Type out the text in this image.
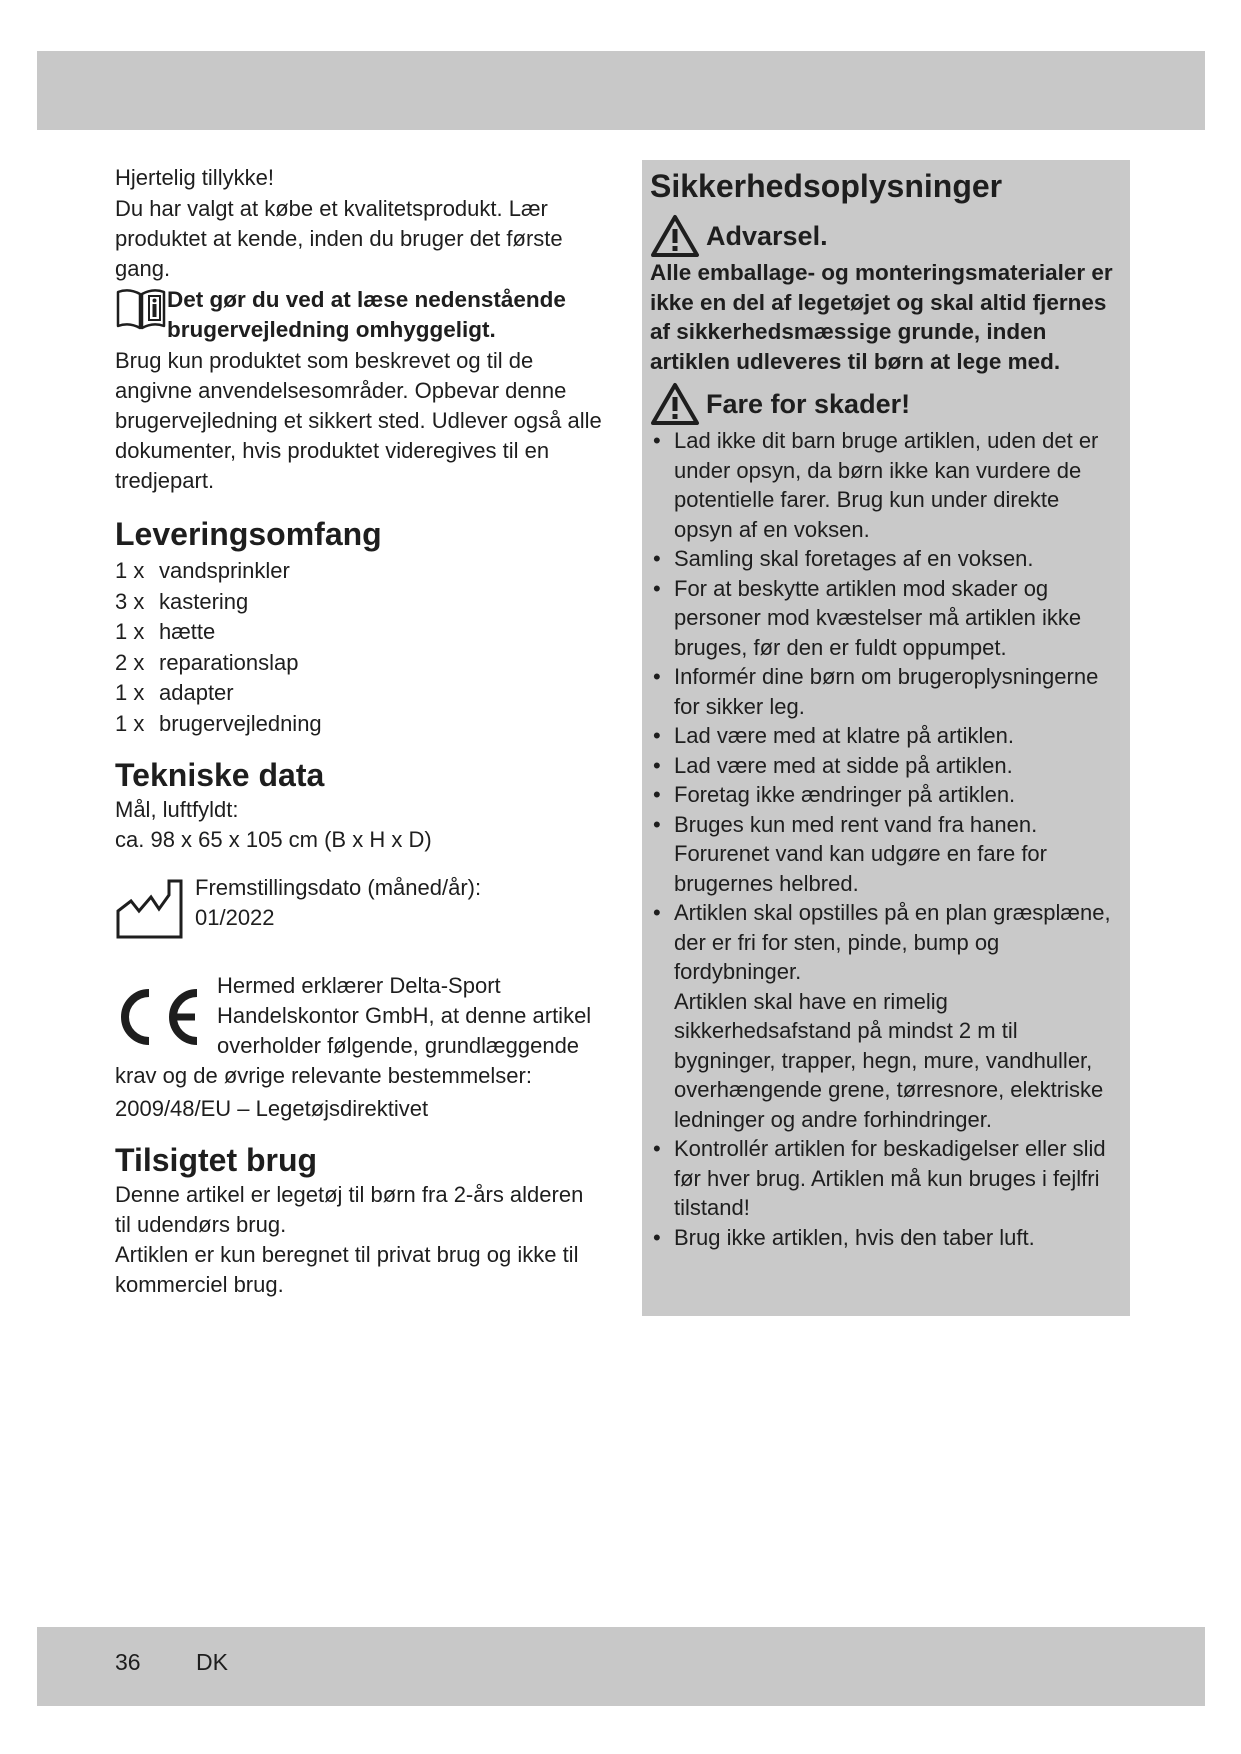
Hjertelig tillykke!

Du har valgt at købe et kvalitetsprodukt. Lær produktet at kende, inden du bruger det første gang.

Det gør du ved at læse nedenstående brugervejledning omhyggeligt.

Brug kun produktet som beskrevet og til de angivne anvendelsesområder. Opbevar denne brugervejledning et sikkert sted. Udlever også alle dokumenter, hvis produktet videregives til en tredjepart.

Leveringsomfang
1 x vandsprinkler
3 x kastering
1 x hætte
2 x reparationslap
1 x adapter
1 x brugervejledning
Tekniske data

Mål, luftfyldt:

ca. 98 x 65 x 105 cm (B x H x D)

Fremstillingsdato (måned/år):

01/2022

Hermed erklærer Delta-Sport Handelskontor GmbH, at denne artikel overholder følgende, grundlæggende krav og de øvrige relevante bestemmelser:

2009/48/EU – Legetøjsdirektivet

Tilsigtet brug

Denne artikel er legetøj til børn fra 2-års alderen til udendørs brug.

Artiklen er kun beregnet til privat brug og ikke til kommerciel brug.

Sikkerhedsoplysninger
Advarsel.

Alle emballage- og monteringsmaterialer er ikke en del af legetøjet og skal altid fjernes af sikkerhedsmæssige grunde, inden artiklen udleveres til børn at lege med.

Fare for skader!
• Lad ikke dit barn bruge artiklen, uden det er under opsyn, da børn ikke kan vurdere de potentielle farer. Brug kun under direkte opsyn af en voksen.
• Samling skal foretages af en voksen.
• For at beskytte artiklen mod skader og personer mod kvæstelser må artiklen ikke bruges, før den er fuldt oppumpet.
• Informér dine børn om brugeroplysningerne for sikker leg.
• Lad være med at klatre på artiklen.
• Lad være med at sidde på artiklen.
• Foretag ikke ændringer på artiklen.
• Bruges kun med rent vand fra hanen. Forurenet vand kan udgøre en fare for brugernes helbred.
• Artiklen skal opstilles på en plan græsplæne, der er fri for sten, pinde, bump og fordybninger.
Artiklen skal have en rimelig sikkerhedsafstand på mindst 2 m til bygninger, trapper, hegn, mure, vandhuller, overhængende grene, tørresnore, elektriske ledninger og andre forhindringer.
• Kontrollér artiklen for beskadigelser eller slid før hver brug. Artiklen må kun bruges i fejlfri tilstand!
• Brug ikke artiklen, hvis den taber luft.
36 DK
